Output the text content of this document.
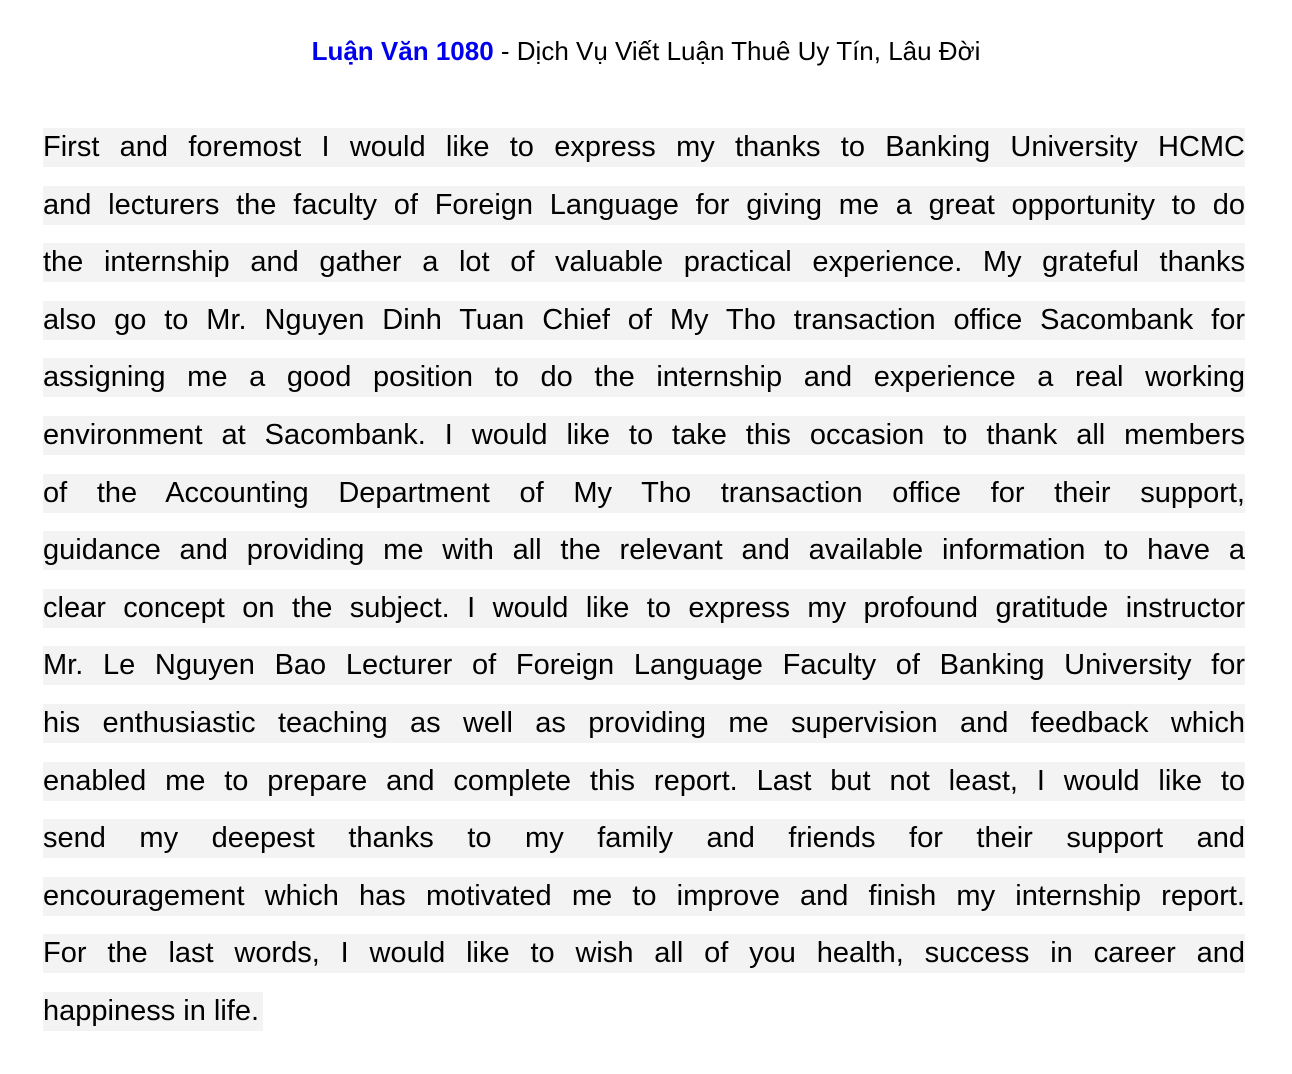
Luận Văn 1080 - Dịch Vụ Viết Luận Thuê Uy Tín, Lâu Đời
First and foremost I would like to express my thanks to Banking University HCMC
and lecturers the faculty of Foreign Language for giving me a great opportunity to do
the internship and gather a lot of valuable practical experience. My grateful thanks
also go to Mr. Nguyen Dinh Tuan Chief of My Tho transaction office Sacombank for
assigning me a good position to do the internship and experience a real working
environment at Sacombank. I would like to take this occasion to thank all members
of the Accounting Department of My Tho transaction office for their support,
guidance and providing me with all the relevant and available information to have a
clear concept on the subject. I would like to express my profound gratitude instructor
Mr. Le Nguyen Bao Lecturer of Foreign Language Faculty of Banking University for
his enthusiastic teaching as well as providing me supervision and feedback which
enabled me to prepare and complete this report. Last but not least, I would like to
send my deepest thanks to my family and friends for their support and
encouragement which has motivated me to improve and finish my internship report.
For the last words, I would like to wish all of you health, success in career and
happiness in life.
